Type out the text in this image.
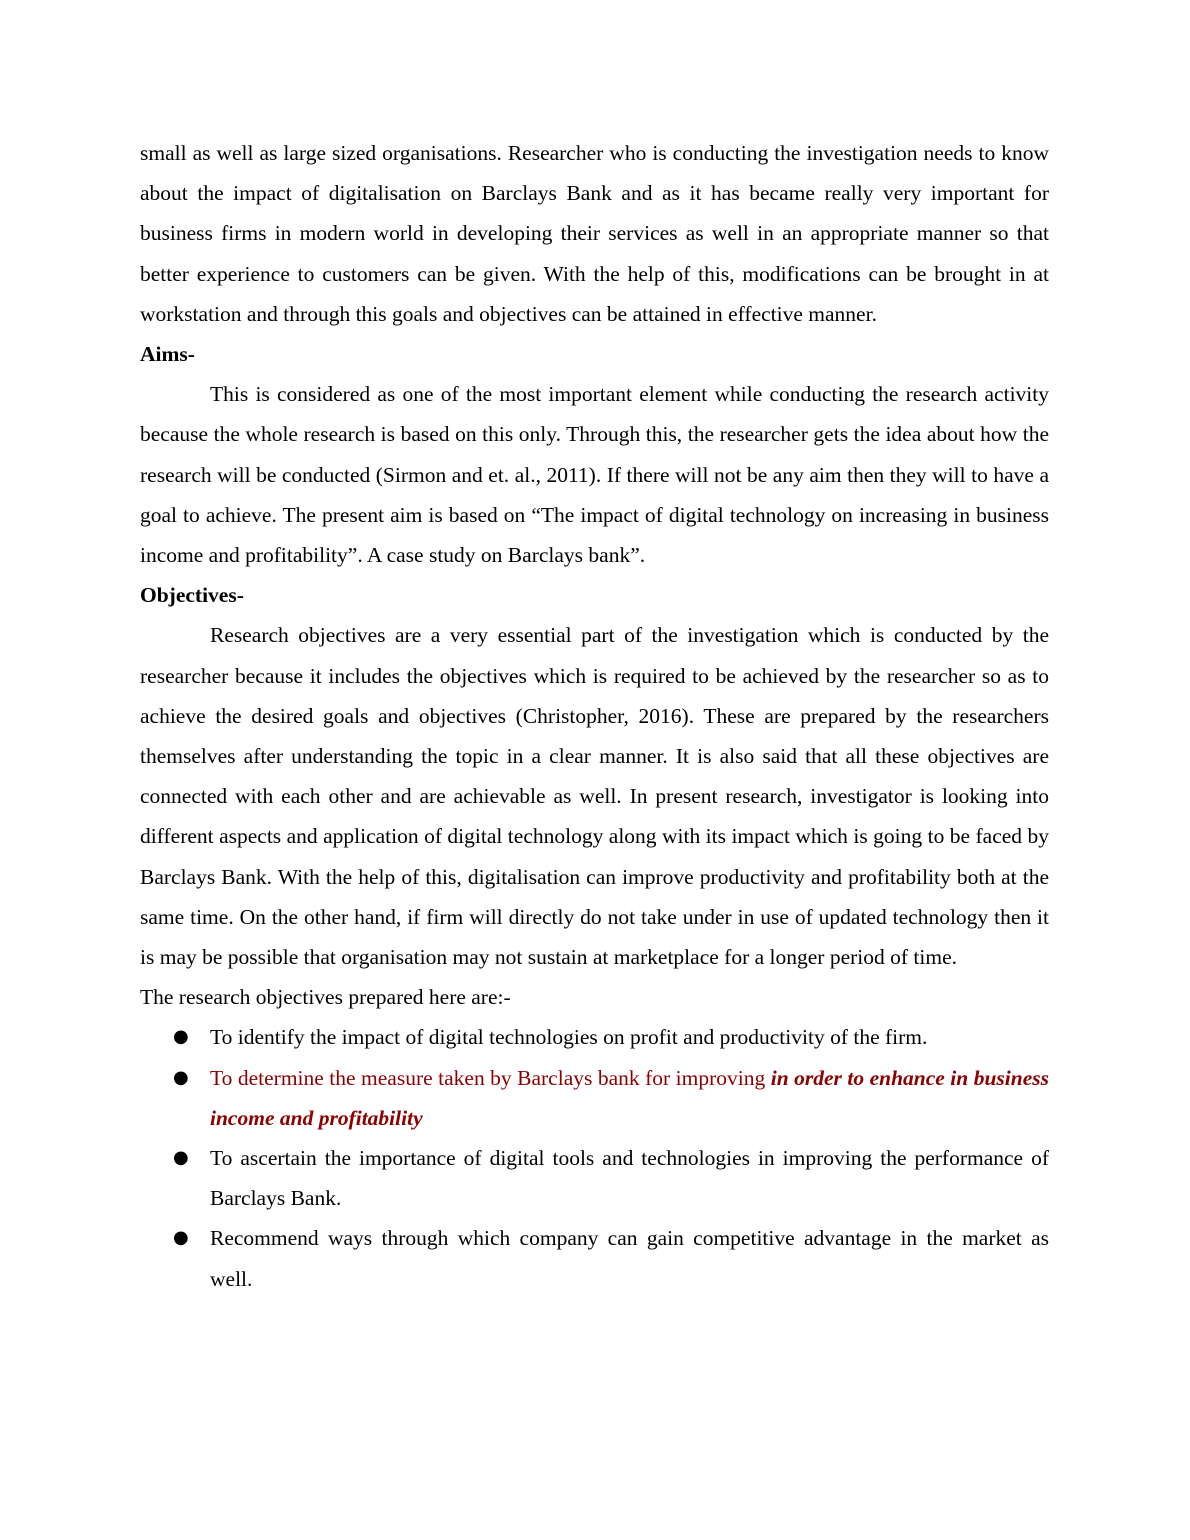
small as well as large sized organisations. Researcher who is conducting the investigation needs to know about the impact of digitalisation on Barclays Bank and as it has became really very important for business firms in modern world in developing their services as well in an appropriate manner so that better experience to customers can be given. With the help of this, modifications can be brought in at workstation and through this goals and objectives can be attained in effective manner.

Aims-

This is considered as one of the most important element while conducting the research activity because the whole research is based on this only. Through this, the researcher gets the idea about how the research will be conducted (Sirmon and et. al., 2011). If there will not be any aim then they will to have a goal to achieve. The present aim is based on “The impact of digital technology on increasing in business income and profitability”. A case study on Barclays bank”.

Objectives-

Research objectives are a very essential part of the investigation which is conducted by the researcher because it includes the objectives which is required to be achieved by the researcher so as to achieve the desired goals and objectives (Christopher, 2016). These are prepared by the researchers themselves after understanding the topic in a clear manner. It is also said that all these objectives are connected with each other and are achievable as well. In present research, investigator is looking into different aspects and application of digital technology along with its impact which is going to be faced by Barclays Bank. With the help of this, digitalisation can improve productivity and profitability both at the same time. On the other hand, if firm will directly do not take under in use of updated technology then it is may be possible that organisation may not sustain at marketplace for a longer period of time.

The research objectives prepared here are:-

● To identify the impact of digital technologies on profit and productivity of the firm.
● To determine the measure taken by Barclays bank for improving in order to enhance in business income and profitability
● To ascertain the importance of digital tools and technologies in improving the performance of Barclays Bank.
● Recommend ways through which company can gain competitive advantage in the market as well.
